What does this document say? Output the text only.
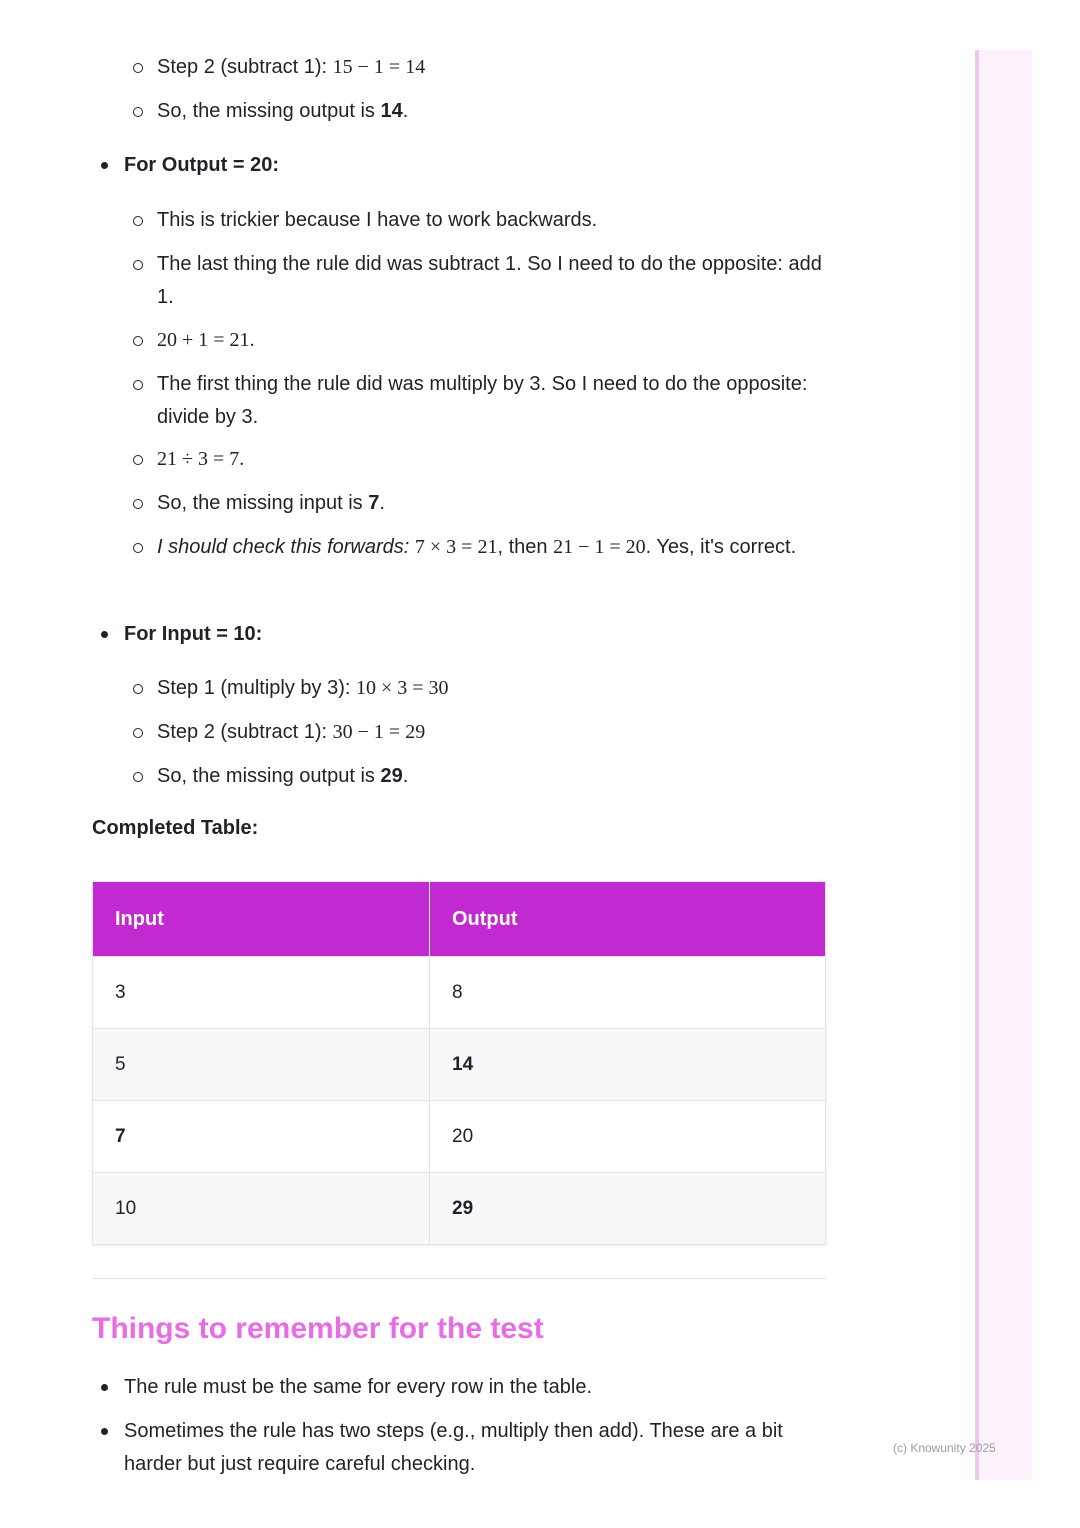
Step 2 (subtract 1): 15 − 1 = 14
So, the missing output is 14.
For Output = 20:
This is trickier because I have to work backwards.
The last thing the rule did was subtract 1. So I need to do the opposite: add 1.
20 + 1 = 21.
The first thing the rule did was multiply by 3. So I need to do the opposite: divide by 3.
21 ÷ 3 = 7.
So, the missing input is 7.
I should check this forwards: 7 × 3 = 21, then 21 − 1 = 20. Yes, it's correct.
For Input = 10:
Step 1 (multiply by 3): 10 × 3 = 30
Step 2 (subtract 1): 30 − 1 = 29
So, the missing output is 29.
Completed Table:
Input	Output
3	8
5	14
7	20
10	29
Things to remember for the test
The rule must be the same for every row in the table.
Sometimes the rule has two steps (e.g., multiply then add). These are a bit harder but just require careful checking.
(c) Knowunity 2025
